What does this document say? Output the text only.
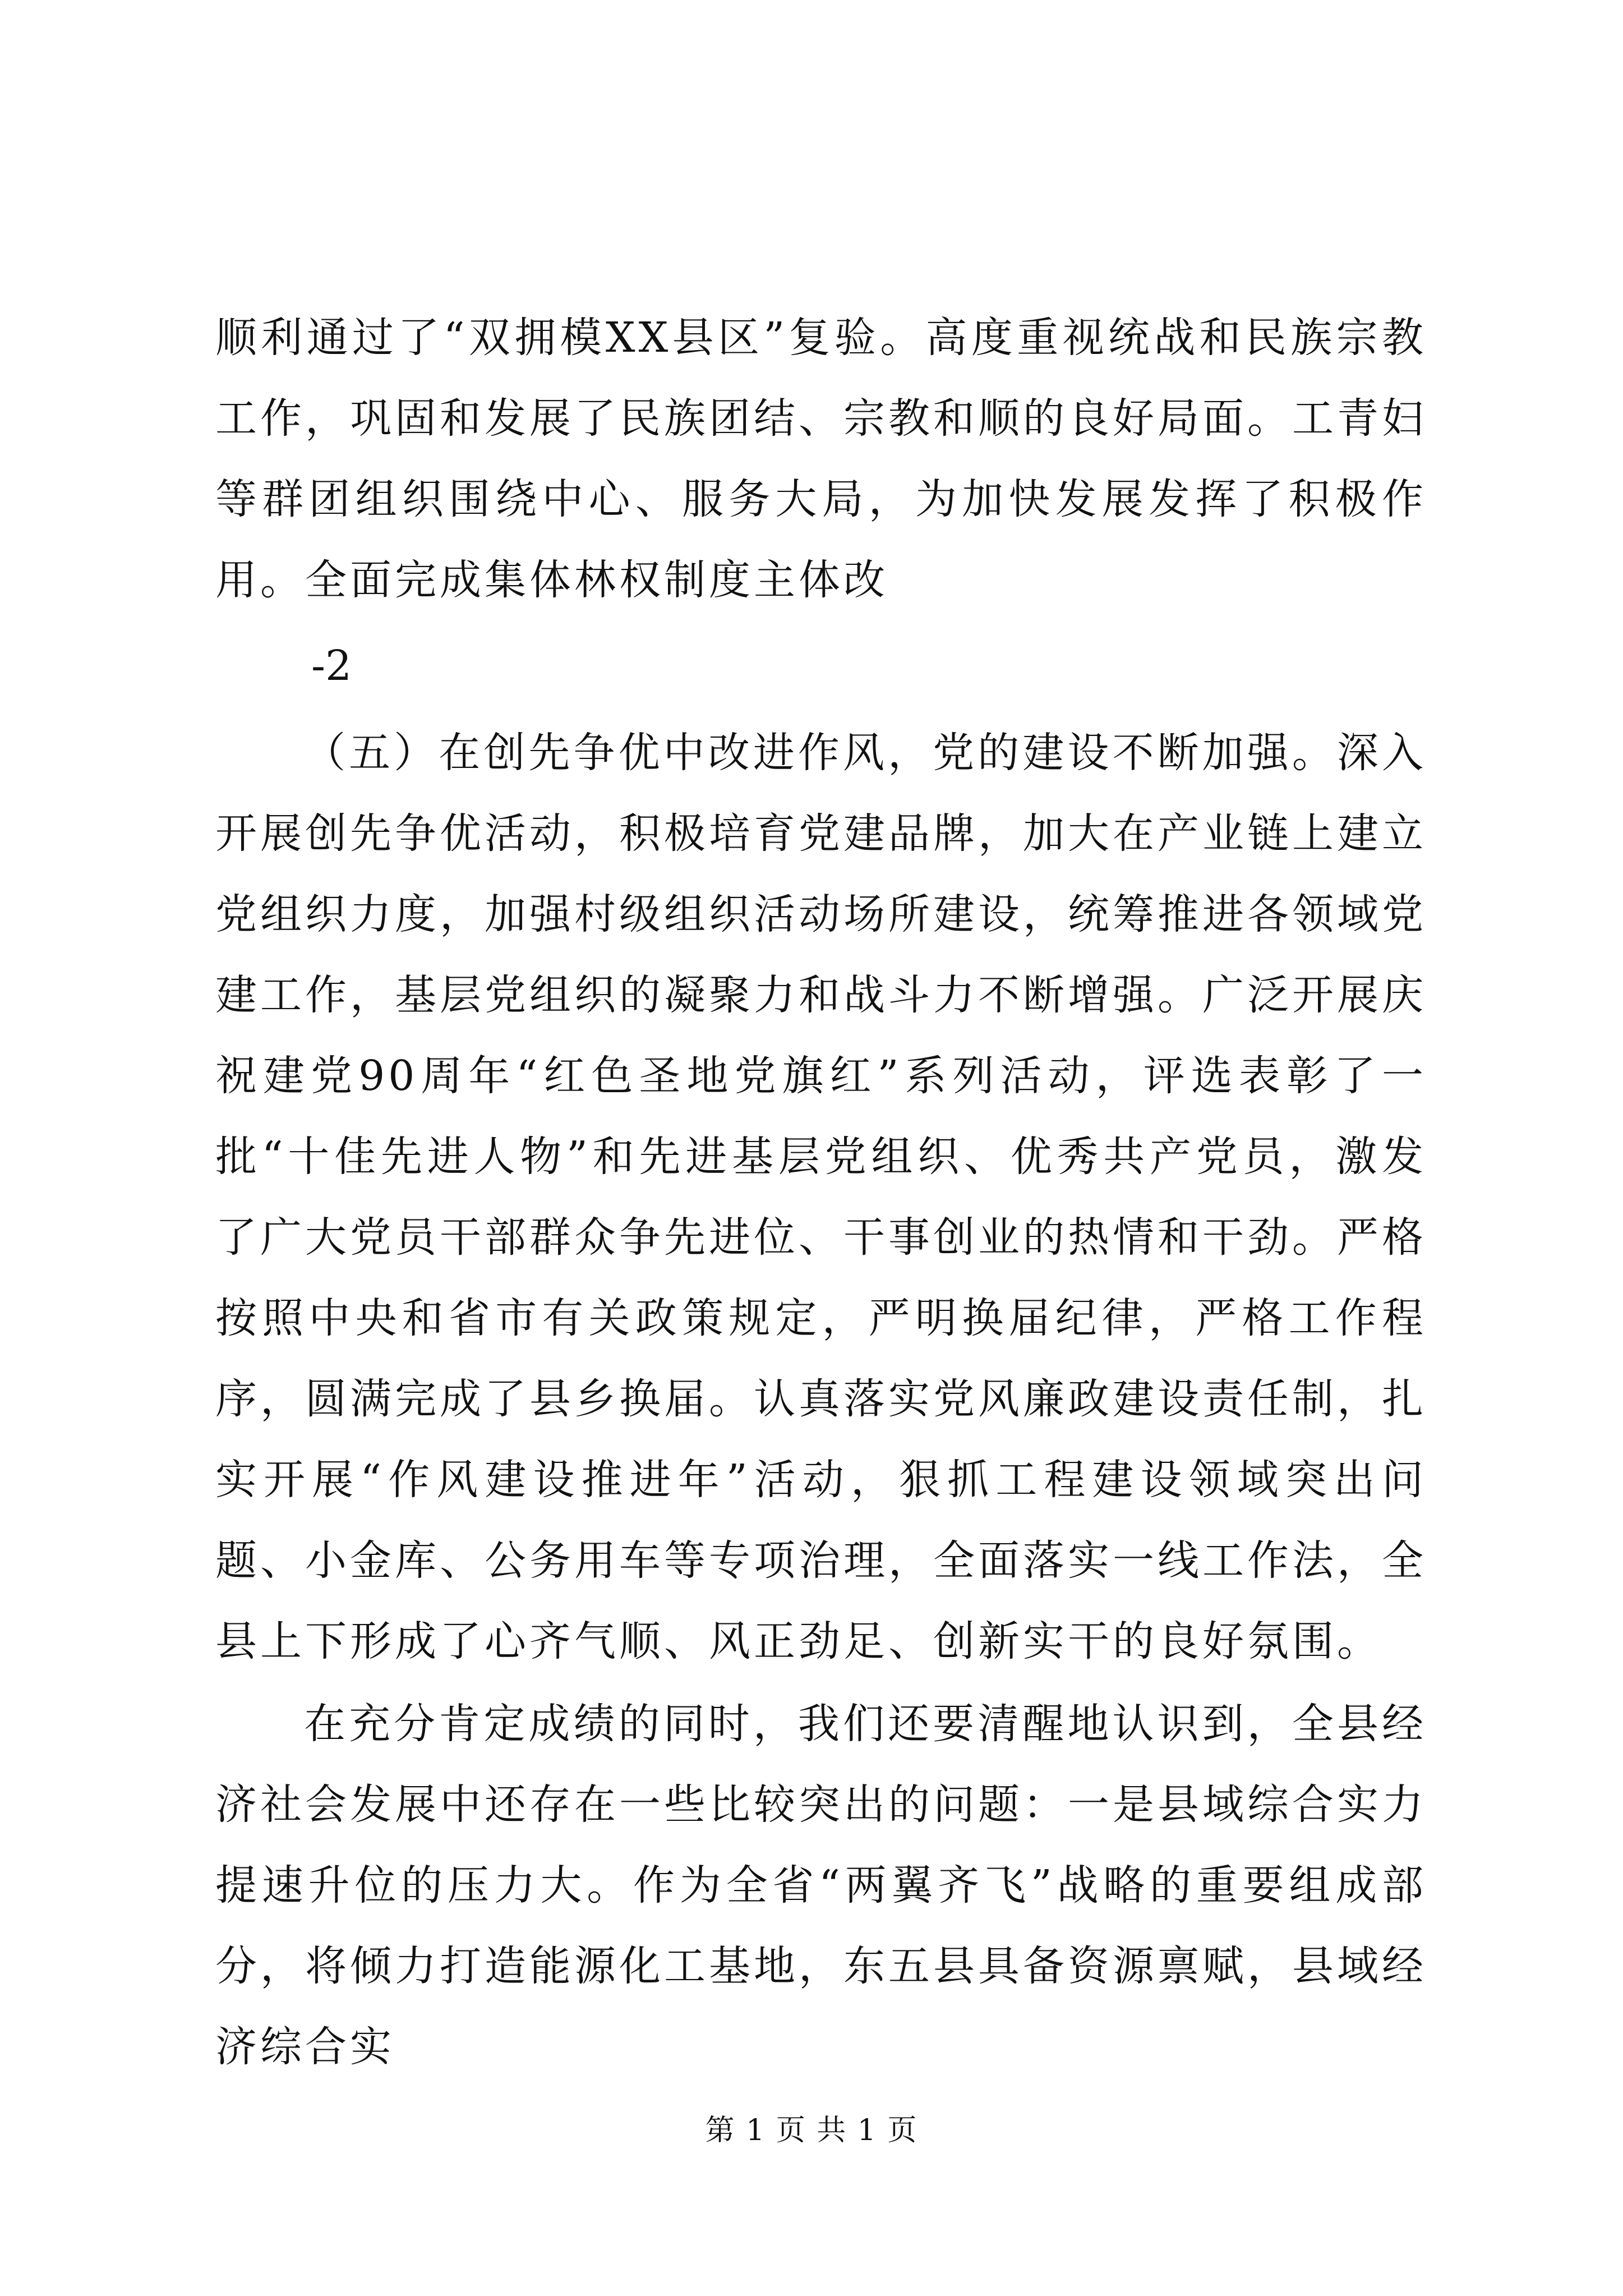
顺利通过了“双拥模XX县区”复验。高度重视统战和民族宗教工作，巩固和发展了民族团结、宗教和顺的良好局面。工青妇等群团组织围绕中心、服务大局，为加快发展发挥了积极作用。全面完成集体林权制度主体改

-2

（五）在创先争优中改进作风，党的建设不断加强。深入开展创先争优活动，积极培育党建品牌，加大在产业链上建立党组织力度，加强村级组织活动场所建设，统筹推进各领域党建工作，基层党组织的凝聚力和战斗力不断增强。广泛开展庆祝建党90周年“红色圣地党旗红”系列活动，评选表彰了一批“十佳先进人物”和先进基层党组织、优秀共产党员，激发了广大党员干部群众争先进位、干事创业的热情和干劲。严格按照中央和省市有关政策规定，严明换届纪律，严格工作程序，圆满完成了县乡换届。认真落实党风廉政建设责任制，扎实开展“作风建设推进年”活动，狠抓工程建设领域突出问题、小金库、公务用车等专项治理，全面落实一线工作法，全县上下形成了心齐气顺、风正劲足、创新实干的良好氛围。

在充分肯定成绩的同时，我们还要清醒地认识到，全县经济社会发展中还存在一些比较突出的问题：一是县域综合实力提速升位的压力大。作为全省“两翼齐飞”战略的重要组成部分，将倾力打造能源化工基地，东五县具备资源禀赋，县域经济综合实

第 1 页 共 1 页
